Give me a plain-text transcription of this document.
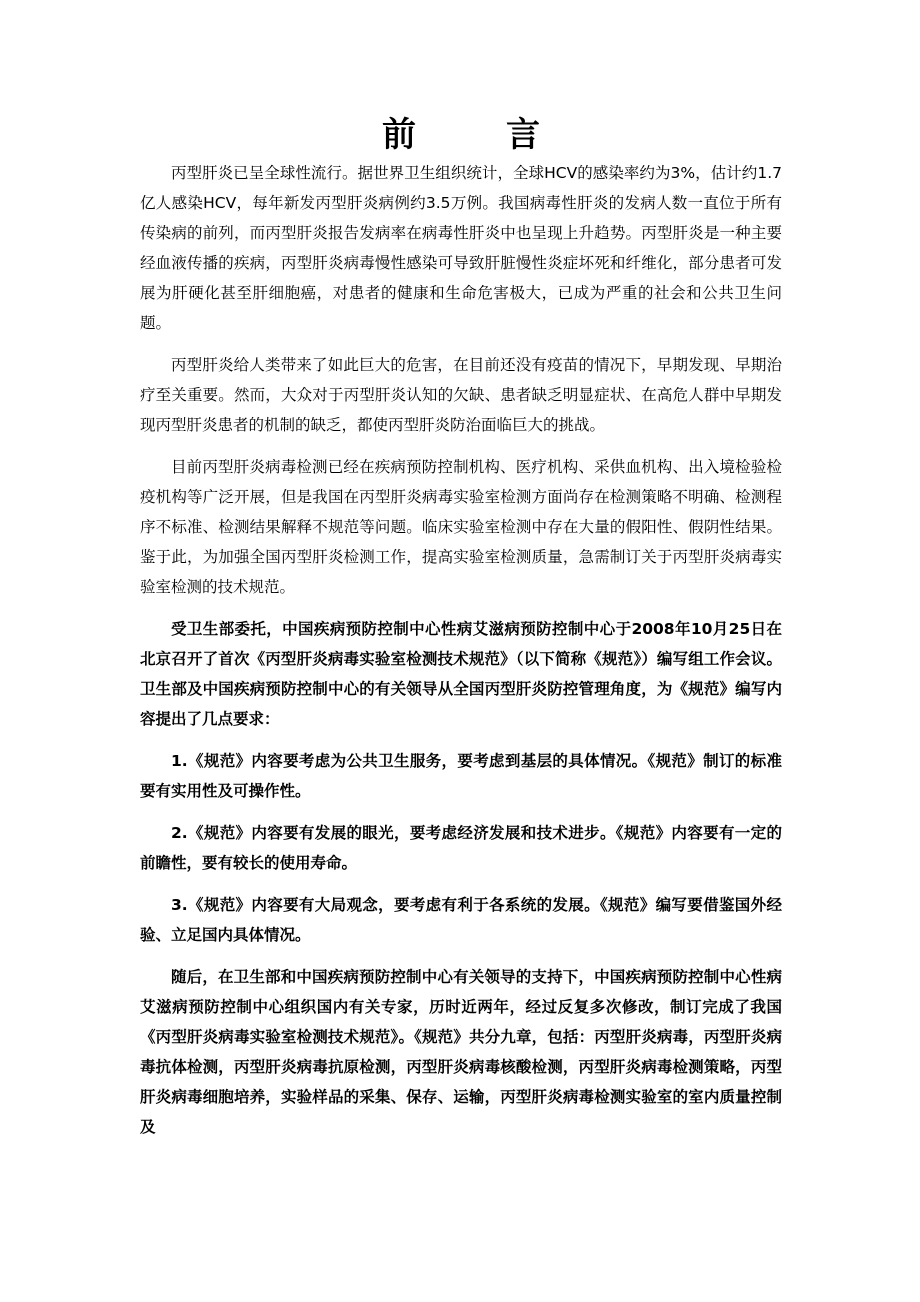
前　言

丙型肝炎已呈全球性流行。据世界卫生组织统计，全球HCV的感染率约为3%，估计约1.7亿人感染HCV，每年新发丙型肝炎病例约3.5万例。我国病毒性肝炎的发病人数一直位于所有传染病的前列，而丙型肝炎报告发病率在病毒性肝炎中也呈现上升趋势。丙型肝炎是一种主要经血液传播的疾病，丙型肝炎病毒慢性感染可导致肝脏慢性炎症坏死和纤维化，部分患者可发展为肝硬化甚至肝细胞癌，对患者的健康和生命危害极大，已成为严重的社会和公共卫生问题。

丙型肝炎给人类带来了如此巨大的危害，在目前还没有疫苗的情况下，早期发现、早期治疗至关重要。然而，大众对于丙型肝炎认知的欠缺、患者缺乏明显症状、在高危人群中早期发现丙型肝炎患者的机制的缺乏，都使丙型肝炎防治面临巨大的挑战。

目前丙型肝炎病毒检测已经在疾病预防控制机构、医疗机构、采供血机构、出入境检验检疫机构等广泛开展，但是我国在丙型肝炎病毒实验室检测方面尚存在检测策略不明确、检测程序不标准、检测结果解释不规范等问题。临床实验室检测中存在大量的假阳性、假阴性结果。鉴于此，为加强全国丙型肝炎检测工作，提高实验室检测质量，急需制订关于丙型肝炎病毒实验室检测的技术规范。

受卫生部委托，中国疾病预防控制中心性病艾滋病预防控制中心于2008年10月25日在北京召开了首次《丙型肝炎病毒实验室检测技术规范》（以下简称《规范》）编写组工作会议。卫生部及中国疾病预防控制中心的有关领导从全国丙型肝炎防控管理角度，为《规范》编写内容提出了几点要求：

1.《规范》内容要考虑为公共卫生服务，要考虑到基层的具体情况。《规范》制订的标准要有实用性及可操作性。

2.《规范》内容要有发展的眼光，要考虑经济发展和技术进步。《规范》内容要有一定的前瞻性，要有较长的使用寿命。

3.《规范》内容要有大局观念，要考虑有利于各系统的发展。《规范》编写要借鉴国外经验、立足国内具体情况。

随后，在卫生部和中国疾病预防控制中心有关领导的支持下，中国疾病预防控制中心性病艾滋病预防控制中心组织国内有关专家，历时近两年，经过反复多次修改，制订完成了我国《丙型肝炎病毒实验室检测技术规范》。《规范》共分九章，包括：丙型肝炎病毒，丙型肝炎病毒抗体检测，丙型肝炎病毒抗原检测，丙型肝炎病毒核酸检测，丙型肝炎病毒检测策略，丙型肝炎病毒细胞培养，实验样品的采集、保存、运输，丙型肝炎病毒检测实验室的室内质量控制及
